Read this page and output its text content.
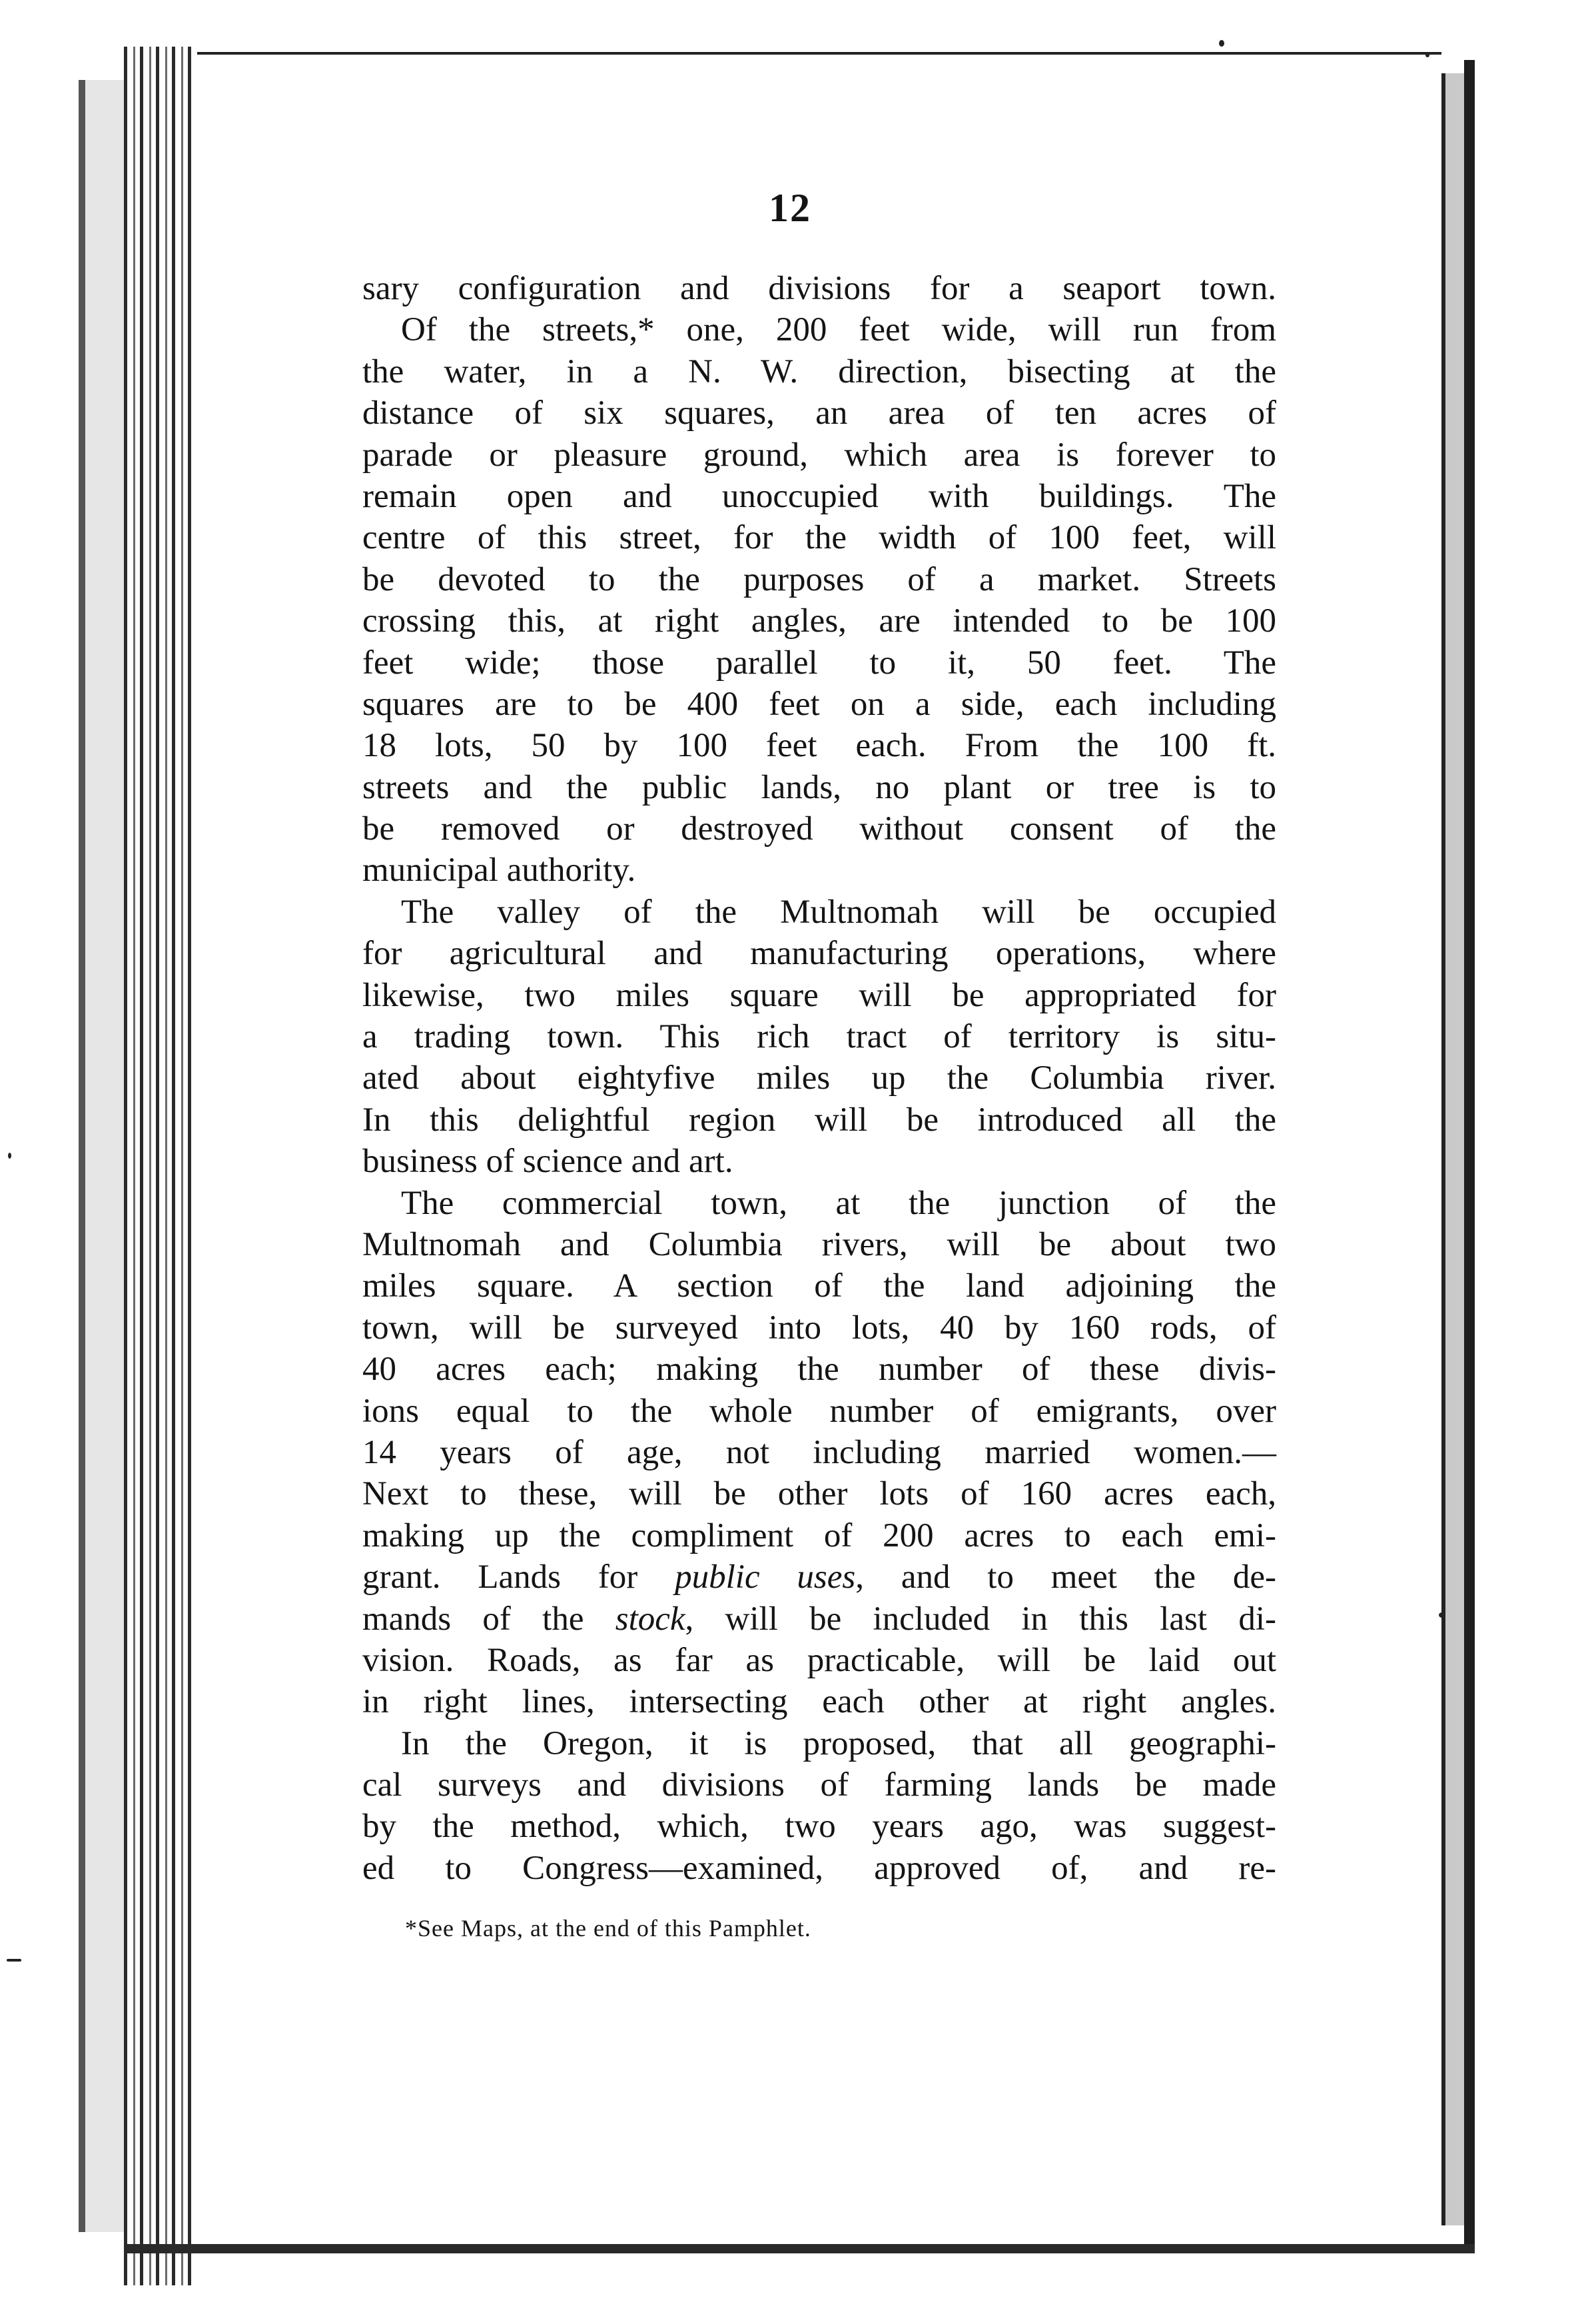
12
sary configuration and divisions for a seaport town.
Of the streets,* one, 200 feet wide, will run from
the water, in a N. W. direction, bisecting at the
distance of six squares, an area of ten acres of
parade or pleasure ground, which area is forever to
remain open and unoccupied with buildings. The
centre of this street, for the width of 100 feet, will
be devoted to the purposes of a market. Streets
crossing this, at right angles, are intended to be 100
feet wide; those parallel to it, 50 feet. The
squares are to be 400 feet on a side, each including
18 lots, 50 by 100 feet each. From the 100 ft.
streets and the public lands, no plant or tree is to
be removed or destroyed without consent of the
municipal authority.
The valley of the Multnomah will be occupied
for agricultural and manufacturing operations, where
likewise, two miles square will be appropriated for
a trading town. This rich tract of territory is situ-
ated about eightyfive miles up the Columbia river.
In this delightful region will be introduced all the
business of science and art.
The commercial town, at the junction of the
Multnomah and Columbia rivers, will be about two
miles square. A section of the land adjoining the
town, will be surveyed into lots, 40 by 160 rods, of
40 acres each; making the number of these divis-
ions equal to the whole number of emigrants, over
14 years of age, not including married women.—
Next to these, will be other lots of 160 acres each,
making up the compliment of 200 acres to each emi-
grant. Lands for public uses, and to meet the de-
mands of the stock, will be included in this last di-
vision. Roads, as far as practicable, will be laid out
in right lines, intersecting each other at right angles.
In the Oregon, it is proposed, that all geographi-
cal surveys and divisions of farming lands be made
by the method, which, two years ago, was suggest-
ed to Congress—examined, approved of, and re-
*See Maps, at the end of this Pamphlet.
